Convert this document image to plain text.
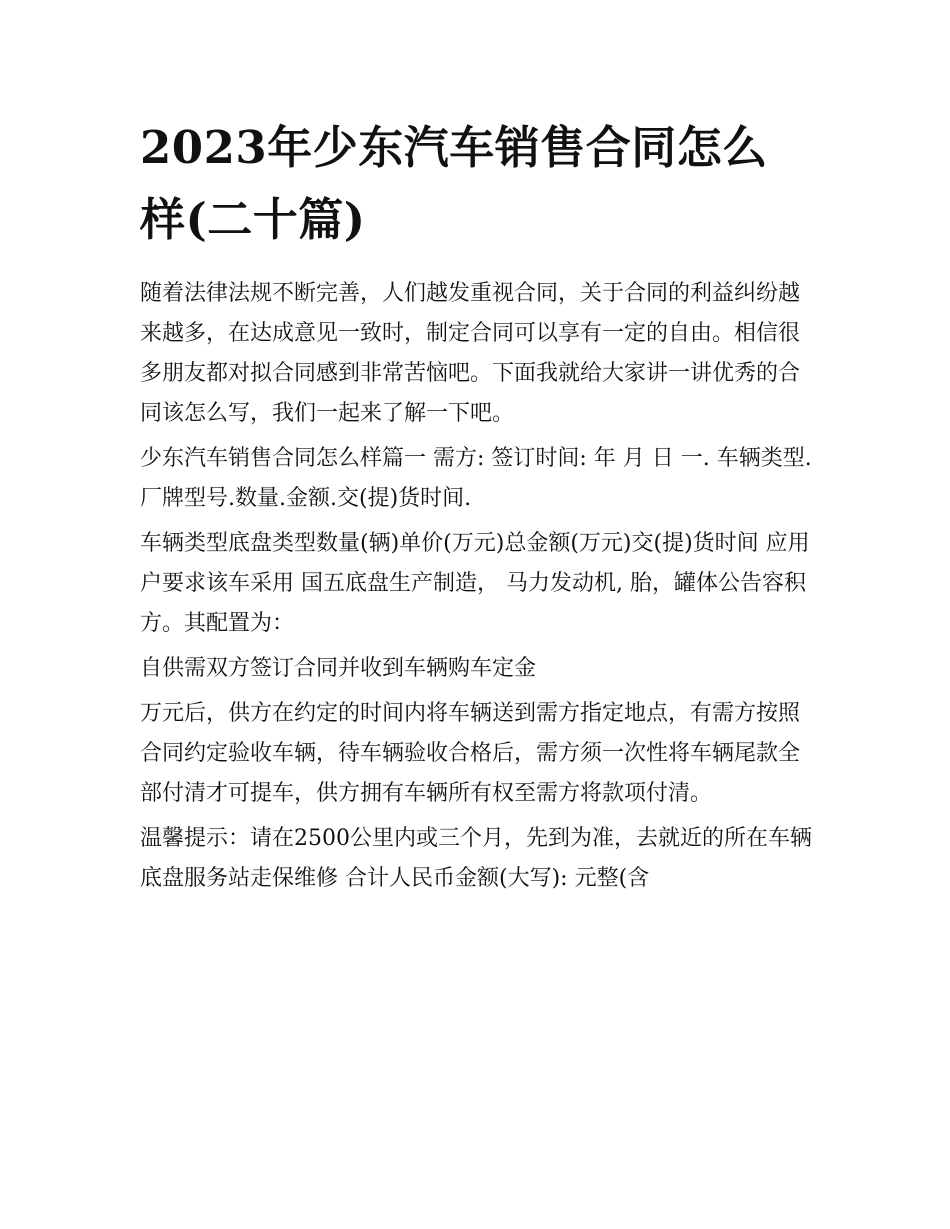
2023年少东汽车销售合同怎么样(二十篇)

随着法律法规不断完善，人们越发重视合同，关于合同的利益纠纷越来越多，在达成意见一致时，制定合同可以享有一定的自由。相信很多朋友都对拟合同感到非常苦恼吧。下面我就给大家讲一讲优秀的合同该怎么写，我们一起来了解一下吧。

少东汽车销售合同怎么样篇一 需方: 签订时间: 年 月 日 一. 车辆类型.厂牌型号.数量.金额.交(提)货时间.

车辆类型底盘类型数量(辆)单价(万元)总金额(万元)交(提)货时间 应用户要求该车采用 国五底盘生产制造， 马力发动机, 胎，罐体公告容积 方。其配置为：

自供需双方签订合同并收到车辆购车定金

万元后，供方在约定的时间内将车辆送到需方指定地点，有需方按照合同约定验收车辆，待车辆验收合格后，需方须一次性将车辆尾款全部付清才可提车，供方拥有车辆所有权至需方将款项付清。

温馨提示：请在2500公里内或三个月，先到为准，去就近的所在车辆底盘服务站走保维修 合计人民币金额(大写): 元整(含
